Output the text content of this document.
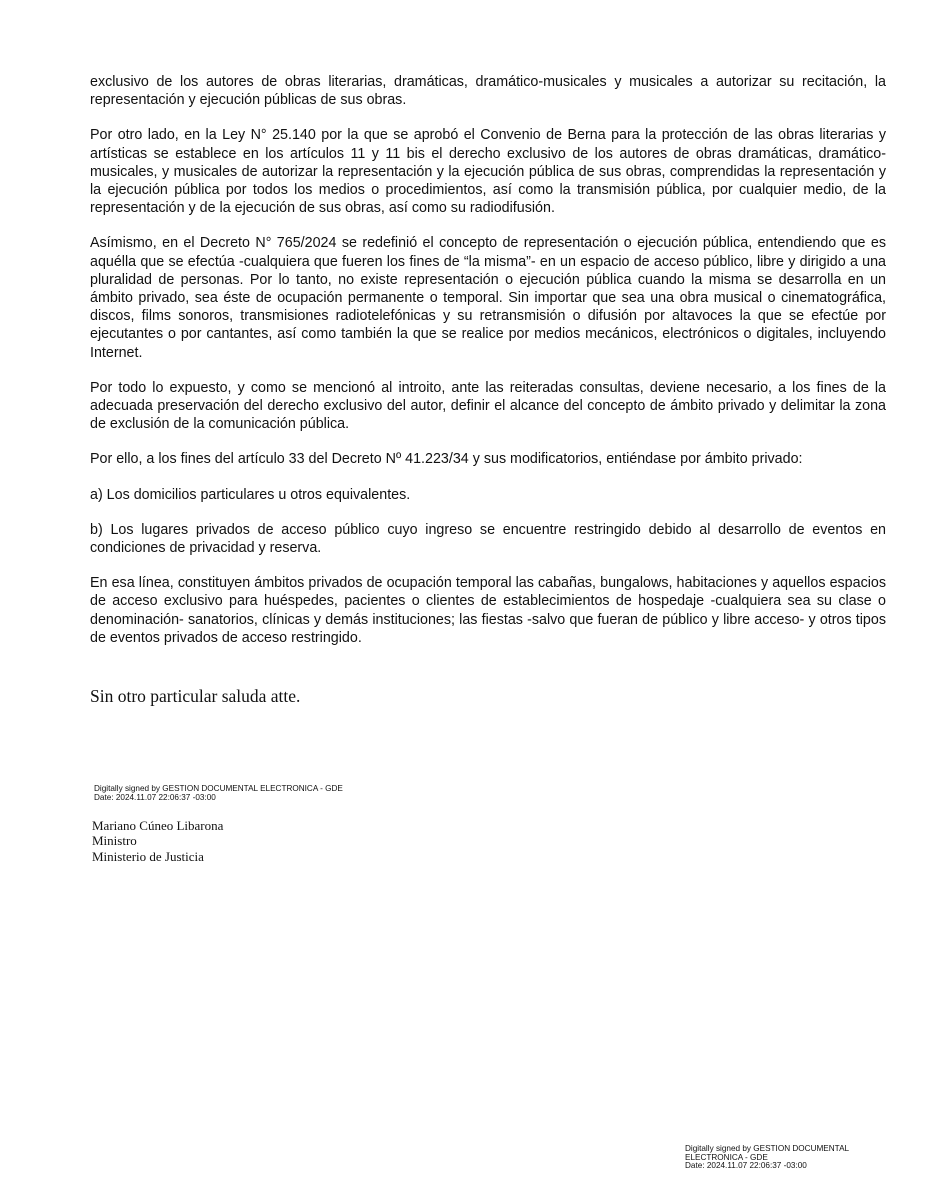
exclusivo de los autores de obras literarias, dramáticas, dramático-musicales y musicales a autorizar su recitación, la representación y ejecución públicas de sus obras.

Por otro lado, en la Ley N° 25.140 por la que se aprobó el Convenio de Berna para la protección de las obras literarias y artísticas se establece en los artículos 11 y 11 bis el derecho exclusivo de los autores de obras dramáticas, dramático-musicales, y musicales de autorizar la representación y la ejecución pública de sus obras, comprendidas la representación y la ejecución pública por todos los medios o procedimientos, así como la transmisión pública, por cualquier medio, de la representación y de la ejecución de sus obras, así como su radiodifusión.

Asímismo, en el Decreto N° 765/2024 se redefinió el concepto de representación o ejecución pública, entendiendo que es aquélla que se efectúa -cualquiera que fueren los fines de “la misma”- en un espacio de acceso público, libre y dirigido a una pluralidad de personas. Por lo tanto, no existe representación o ejecución pública cuando la misma se desarrolla en un ámbito privado, sea éste de ocupación permanente o temporal. Sin importar que sea una obra musical o cinematográfica, discos, films sonoros, transmisiones radiotelefónicas y su retransmisión o difusión por altavoces la que se efectúe por ejecutantes o por cantantes, así como también la que se realice por medios mecánicos, electrónicos o digitales, incluyendo Internet.

Por todo lo expuesto, y como se mencionó al introito, ante las reiteradas consultas, deviene necesario, a los fines de la adecuada preservación del derecho exclusivo del autor, definir el alcance del concepto de ámbito privado y delimitar la zona de exclusión de la comunicación pública.

Por ello, a los fines del artículo 33 del Decreto Nº 41.223/34 y sus modificatorios, entiéndase por ámbito privado:

a) Los domicilios particulares u otros equivalentes.

b) Los lugares privados de acceso público cuyo ingreso se encuentre restringido debido al desarrollo de eventos en condiciones de privacidad y reserva.

En esa línea, constituyen ámbitos privados de ocupación temporal las cabañas, bungalows, habitaciones y aquellos espacios de acceso exclusivo para huéspedes, pacientes o clientes de establecimientos de hospedaje -cualquiera sea su clase o denominación- sanatorios, clínicas y demás instituciones; las fiestas -salvo que fueran de público y libre acceso- y otros tipos de eventos privados de acceso restringido.

Sin otro particular saluda atte.
Digitally signed by GESTION DOCUMENTAL ELECTRONICA - GDE
Date: 2024.11.07 22:06:37 -03:00
Mariano Cúneo Libarona
Ministro
Ministerio de Justicia
Digitally signed by GESTION DOCUMENTAL ELECTRONICA - GDE
Date: 2024.11.07 22:06:37 -03:00
